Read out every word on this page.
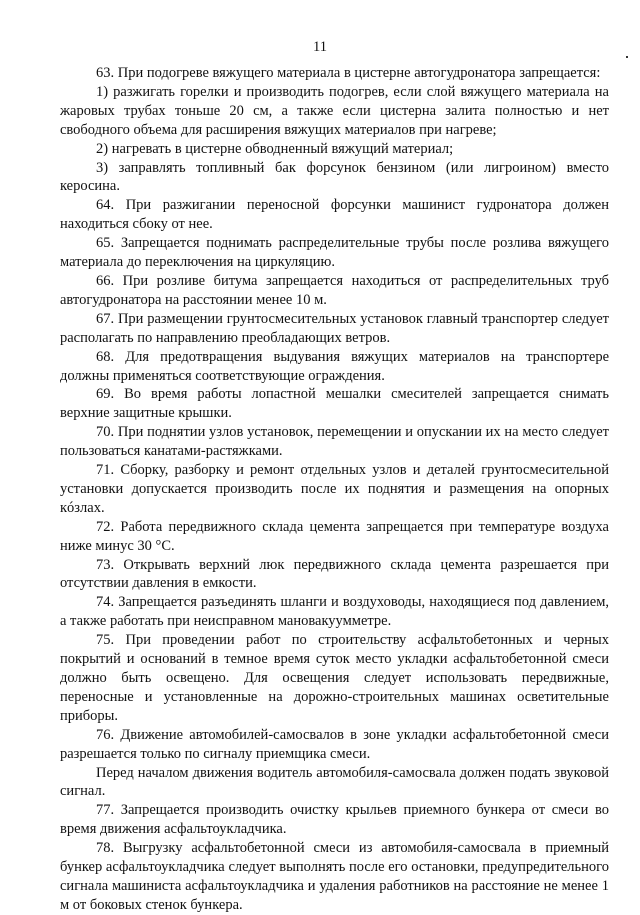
11

63. При подогреве вяжущего материала в цистерне автогудронатора запрещается:

1) разжигать горелки и производить подогрев, если слой вяжущего материала на жаровых трубах тоньше 20 см, а также если цистерна залита полностью и нет свободного объема для расширения вяжущих материалов при нагреве;

2) нагревать в цистерне обводненный вяжущий материал;

3) заправлять топливный бак форсунок бензином (или лигроином) вместо керосина.

64. При разжигании переносной форсунки машинист гудронатора должен находиться сбоку от нее.

65. Запрещается поднимать распределительные трубы после розлива вяжущего материала до переключения на циркуляцию.

66. При розливе битума запрещается находиться от распределительных труб автогудронатора на расстоянии менее 10 м.

67. При размещении грунтосмесительных установок главный транспортер следует располагать по направлению преобладающих ветров.

68. Для предотвращения выдувания вяжущих материалов на транспортере должны применяться соответствующие ограждения.

69. Во время работы лопастной мешалки смесителей запрещается снимать верхние защитные крышки.

70. При поднятии узлов установок, перемещении и опускании их на место следует пользоваться канатами-растяжками.

71. Сборку, разборку и ремонт отдельных узлов и деталей грунтосмесительной установки допускается производить после их поднятия и размещения на опорных кóзлах.

72. Работа передвижного склада цемента запрещается при температуре воздуха ниже минус 30 °С.

73. Открывать верхний люк передвижного склада цемента разрешается при отсутствии давления в емкости.

74. Запрещается разъединять шланги и воздуховоды, находящиеся под давлением, а также работать при неисправном мановакуумметре.

75. При проведении работ по строительству асфальтобетонных и черных покрытий и оснований в темное время суток место укладки асфальтобетонной смеси должно быть освещено. Для освещения следует использовать передвижные, переносные и установленные на дорожно-строительных машинах осветительные приборы.

76. Движение автомобилей-самосвалов в зоне укладки асфальтобетонной смеси разрешается только по сигналу приемщика смеси.

Перед началом движения водитель автомобиля-самосвала должен подать звуковой сигнал.

77. Запрещается производить очистку крыльев приемного бункера от смеси во время движения асфальтоукладчика.

78. Выгрузку асфальтобетонной смеси из автомобиля-самосвала в приемный бункер асфальтоукладчика следует выполнять после его остановки, предупредительного сигнала машиниста асфальтоукладчика и удаления работников на расстояние не менее 1 м от боковых стенок бункера.
